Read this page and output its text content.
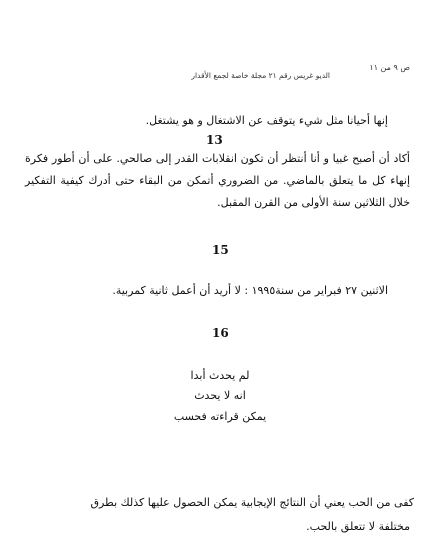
ص ٩ من ١١
الديو غريس رقم ٢١ مجلة خاصة لجمع الأقدار
إنها أحيانا مثل شيء يتوقف عن الاشتغال و هو يشتغل.
13
أكاد أن أصبح غبيا و أنا أنتظر أن تكون انقلابات القدر إلى صالحي. على أن أطور فكرة إنهاء كل ما يتعلق بالماضي. من الضروري أتمكن من البقاء حتى أدرك كيفية التفكير خلال الثلاثين سنة الأولى من القرن المقبل.
15
الاثنين ٢٧ فبراير من سنة١٩٩٥ : لا أريد أن أعمل ثانية كمربية.
16
لم يحدث أبدا
انه لا يحدث
يمكن قراءته فحسب
كفى من الحب يعني أن النتائج الإيجابية يمكن الحصول عليها كذلك بطرق
مختلفة لا تتعلق بالحب.
